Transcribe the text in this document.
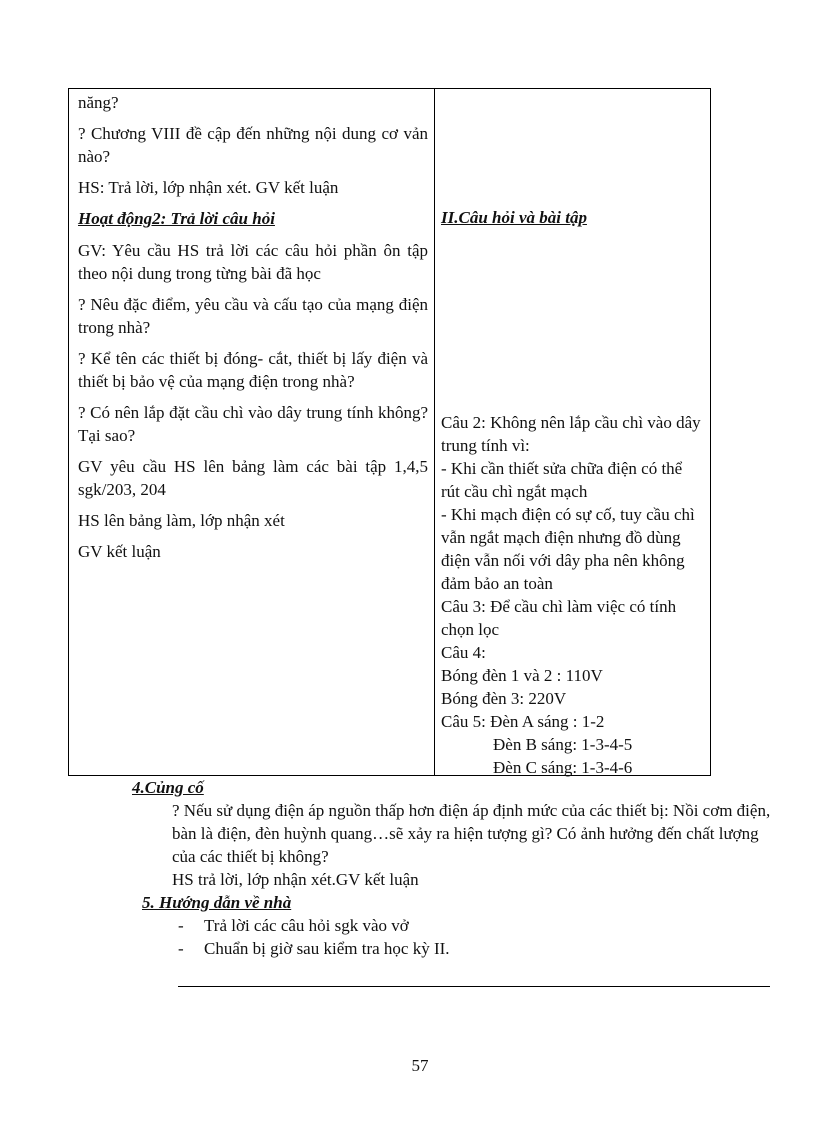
năng?

? Chương VIII đề cập đến những nội dung cơ vản nào?

HS: Trả lời, lớp nhận xét. GV kết luận

Hoạt động2: Trả lời câu hỏi

GV: Yêu cầu HS trả lời các câu hỏi phần ôn tập theo nội dung trong từng bài đã học

? Nêu đặc điểm, yêu cầu và cấu tạo của mạng điện trong nhà?

? Kể tên các thiết bị đóng- cắt, thiết bị lấy điện và thiết bị bảo vệ của mạng điện trong nhà?

? Có nên lắp đặt cầu chì vào dây trung tính không? Tại sao?

GV yêu cầu HS lên bảng làm các bài tập 1,4,5 sgk/203, 204

HS lên bảng làm, lớp nhận xét

GV kết luận

II.Câu hỏi và bài tập

Câu 2: Không nên lắp cầu chì vào dây trung tính vì:

- Khi cần thiết sửa chữa điện có thể rút cầu chì ngắt mạch

- Khi mạch điện có sự cố, tuy cầu chì vẫn ngắt mạch điện nhưng đồ dùng điện vẫn nối với dây pha nên không đảm bảo an toàn

Câu 3: Để cầu chì làm việc có tính chọn lọc

Câu 4:

Bóng đèn 1 và 2 : 110V

Bóng đèn 3: 220V

Câu 5: Đèn A sáng : 1-2

Đèn B sáng: 1-3-4-5

Đèn C sáng: 1-3-4-6

4.Củng cố
? Nếu sử dụng điện áp nguồn thấp hơn điện áp định mức của các thiết bị: Nồi cơm điện, bàn là điện, đèn huỳnh quang…sẽ xảy ra hiện tượng gì? Có ảnh hưởng đến chất lượng của các thiết bị không?
HS trả lời, lớp nhận xét.GV kết luận
5. Hướng dẫn về nhà
-	Trả lời các câu hỏi sgk vào vở
-	Chuẩn bị giờ sau kiểm tra học kỳ II.
57
